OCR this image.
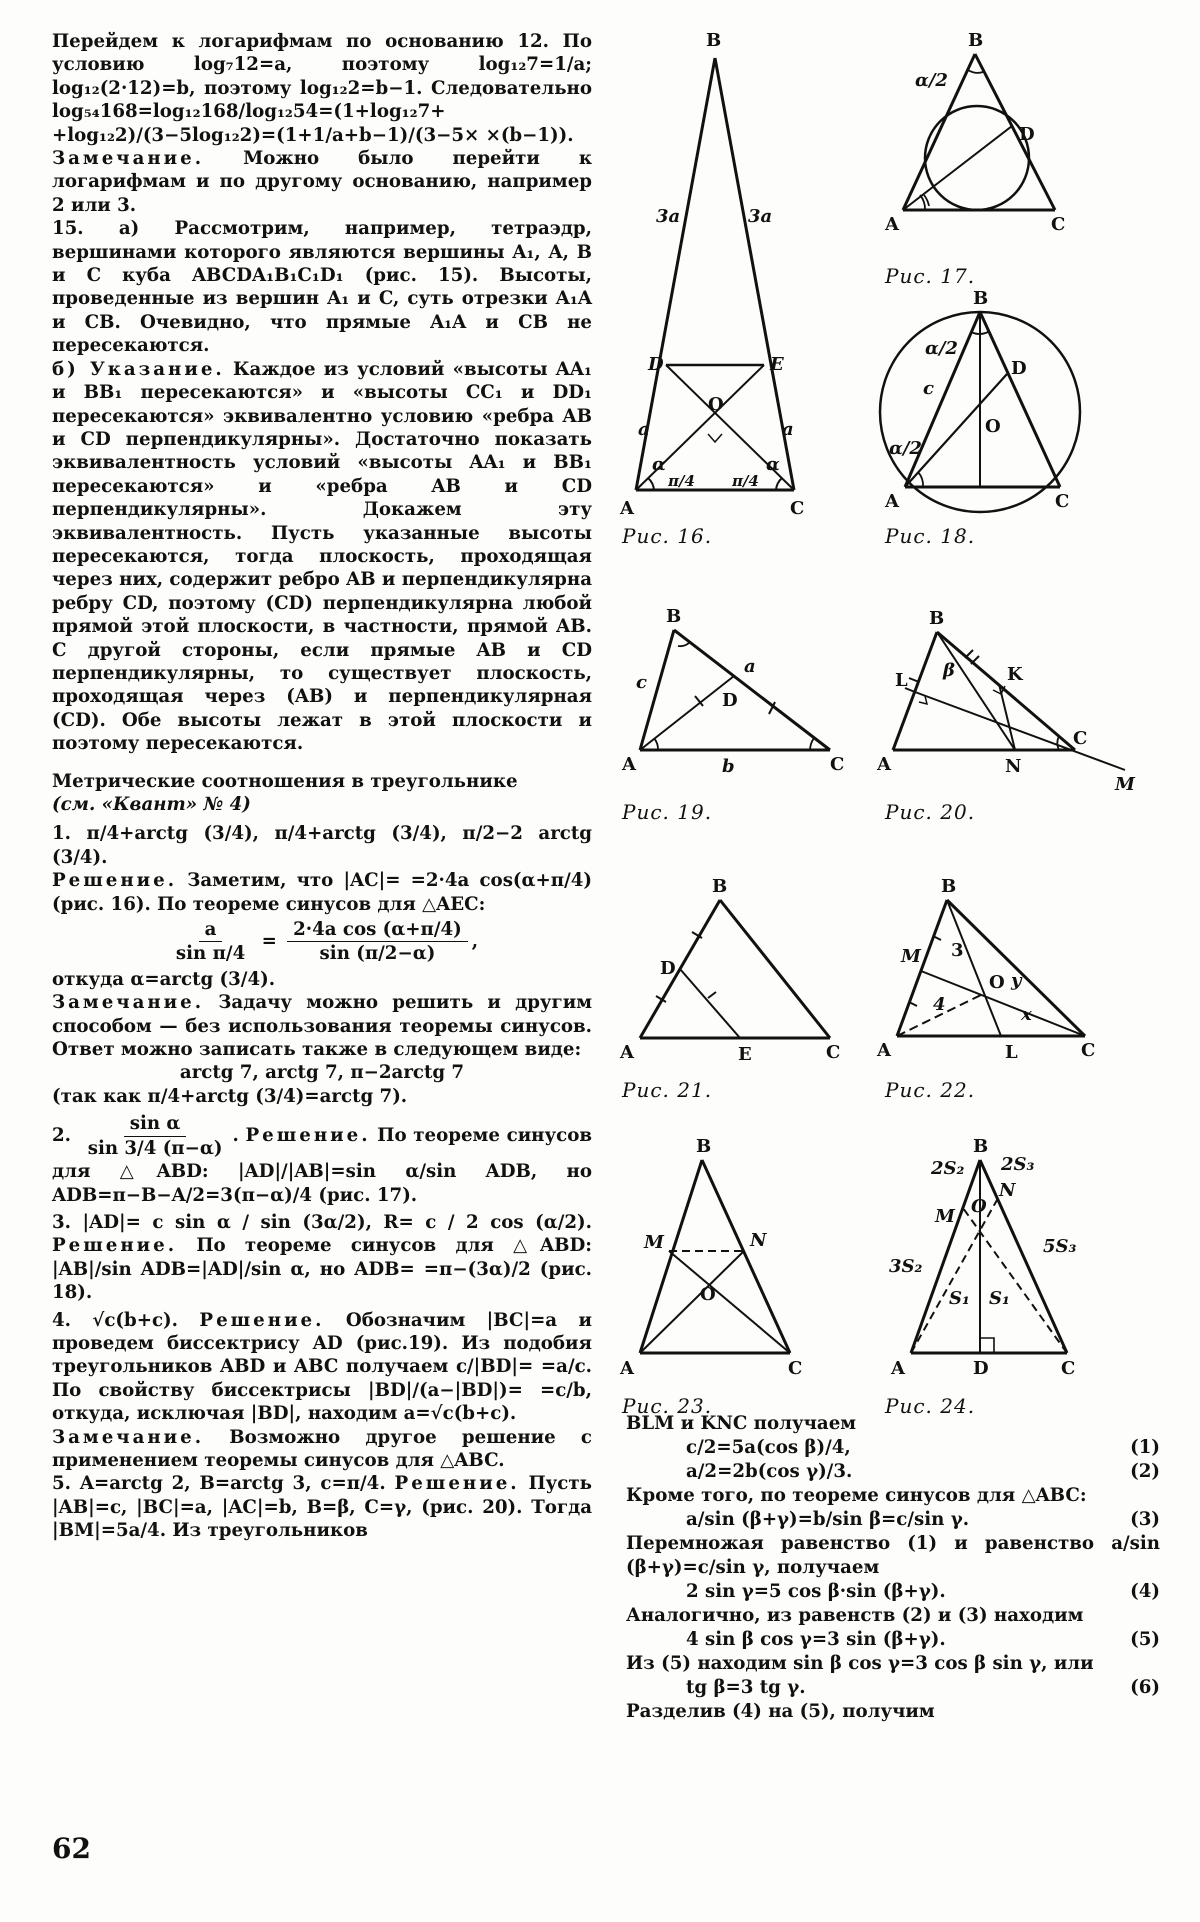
Перейдем к логарифмам по основанию 12. По условию log₇12=a, поэтому log₁₂7=1/a; log₁₂(2·12)=b, поэтому log₁₂2=b−1. Следовательно log₅₄168=log₁₂168/log₁₂54=(1+log₁₂7+ +log₁₂2)/(3−5log₁₂2)=(1+1/a+b−1)/(3−5× ×(b−1)).

Замечание. Можно было перейти к логарифмам и по другому основанию, например 2 или 3.

15. а) Рассмотрим, например, тетраэдр, вершинами которого являются вершины A₁, A, B и C куба ABCDA₁B₁C₁D₁ (рис. 15). Высоты, проведенные из вершин A₁ и C, суть отрезки A₁A и CB. Очевидно, что прямые A₁A и CB не пересекаются.

б) Указание. Каждое из условий «высоты AA₁ и BB₁ пересекаются» и «высоты CC₁ и DD₁ пересекаются» эквивалентно условию «ребра AB и CD перпендикулярны». Достаточно показать эквивалентность условий «высоты AA₁ и BB₁ пересекаются» и «ребра AB и CD перпендикулярны». Докажем эту эквивалентность. Пусть указанные высоты пересекаются, тогда плоскость, проходящая через них, содержит ребро AB и перпендикулярна ребру CD, поэтому (CD) перпендикулярна любой прямой этой плоскости, в частности, прямой AB. С другой стороны, если прямые AB и CD перпендикулярны, то существует плоскость, проходящая через (AB) и перпендикулярная (CD). Обе высоты лежат в этой плоскости и поэтому пересекаются.

Метрические соотношения в треугольнике

(см. «Квант» № 4)

1. π/4+arctg (3/4), π/4+arctg (3/4), π/2−2 arctg (3/4).

Решение. Заметим, что |AC|= =2·4a cos(α+π/4) (рис. 16). По теореме синусов для △AEC:

$\frac{a}{\text{sin π/4}} = \frac{\text{2·4a cos (α+π/4)}}{\sin (\pi/2-\alpha)}$ ,

откуда α=arctg (3/4).

Замечание. Задачу можно решить и другим способом — без использования теоремы синусов. Ответ можно записать также в следующем виде:

arctg 7, arctg 7, π−2arctg 7

(так как π/4+arctg (3/4)=arctg 7).

2. $\frac{\text{sin α}}{\sin 3/4 (\pi-\alpha)}$ . Решение. По теореме синусов для △ABD: |AD|/|AB|=sin α/sin ADB, но ADB=π−B−A/2=3(π−α)/4 (рис. 17).

3. |AD|= c sin α / sin (3α/2), R= c / 2 cos (α/2). Решение. По теореме синусов для △ABD: |AB|/sin ADB=|AD|/sin α, но ADB= =π−(3α)/2 (рис. 18).

4. √c(b+c). Решение. Обозначим |BC|=a и проведем биссектрису AD (рис.19). Из подобия треугольников ABD и ABC получаем c/|BD|= =a/c. По свойству биссектрисы |BD|/(a−|BD|)= =c/b, откуда, исключая |BD|, находим a=√c(b+c).

Замечание. Возможно другое решение с применением теоремы синусов для △ABC.

5. A=arctg 2, B=arctg 3, c=π/4. Решение. Пусть |AB|=c, |BC|=a, |AC|=b, B=β, C=γ, (рис. 20). Тогда |BM|=5a/4. Из треугольников

BLM и KNC получаем

c/2=5a(cos β)/4,	(1)
a/2=2b(cos γ)/3.	(2)

Кроме того, по теореме синусов для △ABC:

a/sin (β+γ)=b/sin β=c/sin γ.	(3)

Перемножая равенство (1) и равенство a/sin (β+γ)=c/sin γ, получаем

2 sin γ=5 cos β·sin (β+γ).	(4)

Аналогично, из равенств (2) и (3) находим

4 sin β cos γ=3 sin (β+γ).	(5)

Из (5) находим sin β cos γ=3 cos β sin γ, или

tg β=3 tg γ.	(6)

Разделив (4) на (5), получим

B
A	C
D	E
O
3a	3a
a	a
α	α
π/4 π/4
Рис. 16.
B
A	C
D
α/2
Рис. 17.
B
A	C
D
O
c
α/2
α/2
Рис. 18.
B
A	C
D
c
a
b
Рис. 19.
B
A
C
L	K
N
M
β
Рис. 20.
B
A	C
D
E
Рис. 21.
B
A	C
M
O
L
3
4	x
y
Рис. 22.
B
A	C
M	N
O
Рис. 23.
B
A	C
D
M
N
O
2S₂ 2S₃
3S₂
5S₃
S₁ S₁
Рис. 24.
62
